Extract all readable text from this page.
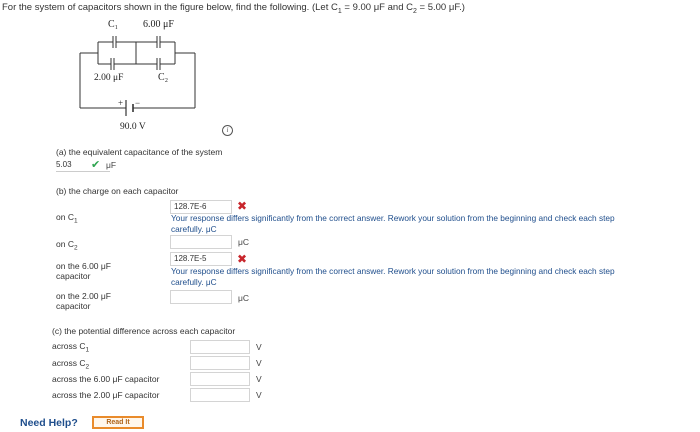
For the system of capacitors shown in the figure below, find the following. (Let $C_1 = 9.00$ μF and $C_2 = 5.00$ μF.)
C₁ 6.00 μF
2.00 μF	C₂
+ −
90.0 V	i
(a) the equivalent capacitance of the system
5.03	✔ μF
(b) the charge on each capacitor
on $C_1$
128.7E-6	✖
Your response differs significantly from the correct answer. Rework your solution from the beginning and check each step
carefully. μC
on $C_2$
μC
on the 6.00 μF
capacitor
128.7E-5	✖
Your response differs significantly from the correct answer. Rework your solution from the beginning and check each step
carefully. μC
on the 2.00 μF
capacitor
μC
(c) the potential difference across each capacitor
across $C_1$	V
across $C_2$	V
across the 6.00 μF capacitor	V
across the 2.00 μF capacitor	V
Need Help?	Read It
